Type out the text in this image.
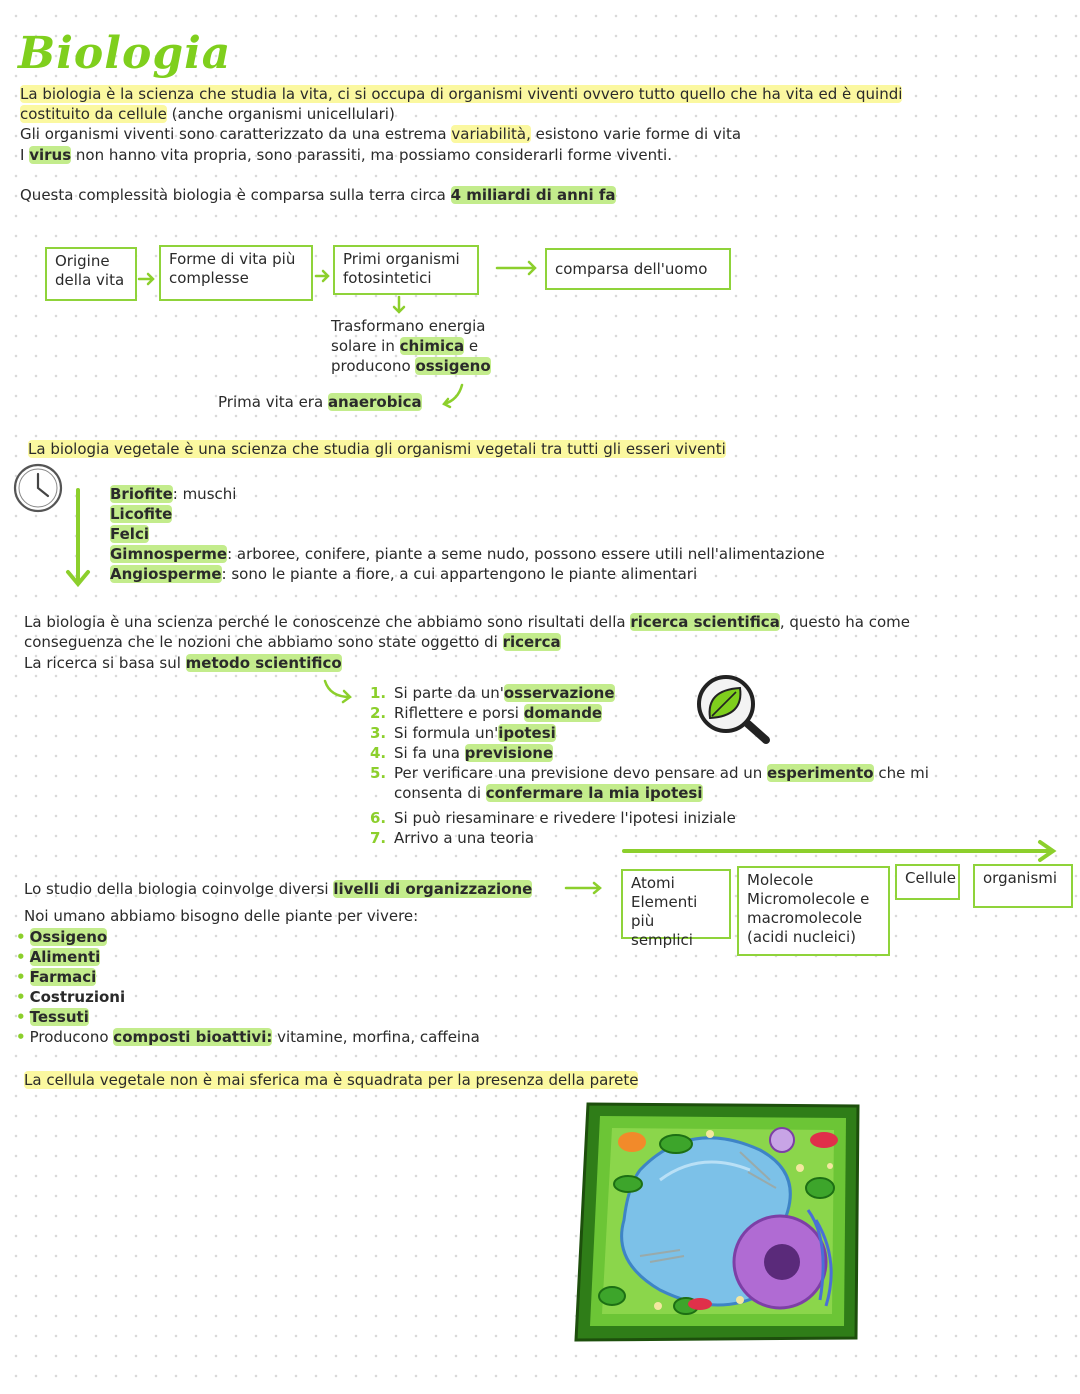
Biologia
La biologia è la scienza che studia la vita, ci si occupa di organismi viventi ovvero tutto quello che ha vita ed è quindi
costituito da cellule (anche organismi unicellulari)
Gli organismi viventi sono caratterizzato da una estrema variabilità, esistono varie forme di vita
I virus non hanno vita propria, sono parassiti, ma possiamo considerarli forme viventi.
Questa complessità biologia è comparsa sulla terra circa 4 miliardi di anni fa
Origine
della vita
Forme di vita più
complesse
Primi organismi
fotosintetici	comparsa dell'uomo
Trasformano energia
solare in chimica e
producono ossigeno
Prima vita era anaerobica
La biologia vegetale è una scienza che studia gli organismi vegetali tra tutti gli esseri viventi
Briofite: muschi
Licofite
Felci
Gimnosperme: arboree, conifere, piante a seme nudo, possono essere utili nell'alimentazione
Angiosperme: sono le piante a fiore, a cui appartengono le piante alimentari
La biologia è una scienza perché le conoscenze che abbiamo sono risultati della ricerca scientifica, questo ha come
conseguenza che le nozioni che abbiamo sono state oggetto di ricerca
La ricerca si basa sul metodo scientifico
1. Si parte da un'osservazione
2. Riflettere e porsi domande
3. Si formula un'ipotesi
4. Si fa una previsione
5. Per verificare una previsione devo pensare ad un esperimento che mi
consenta di confermare la mia ipotesi
6. Si può riesaminare e rivedere l'ipotesi iniziale
7. Arrivo a una teoria
Lo studio della biologia coinvolge diversi livelli di organizzazione	Atomi
Elementi più
semplici
Molecole
Micromolecole e
macromolecole
(acidi nucleici)
Cellule	organismi
Noi umano abbiamo bisogno delle piante per vivere:
• Ossigeno
• Alimenti
• Farmaci
• Costruzioni
• Tessuti
• Producono composti bioattivi: vitamine, morfina, caffeina
La cellula vegetale non è mai sferica ma è squadrata per la presenza della parete
